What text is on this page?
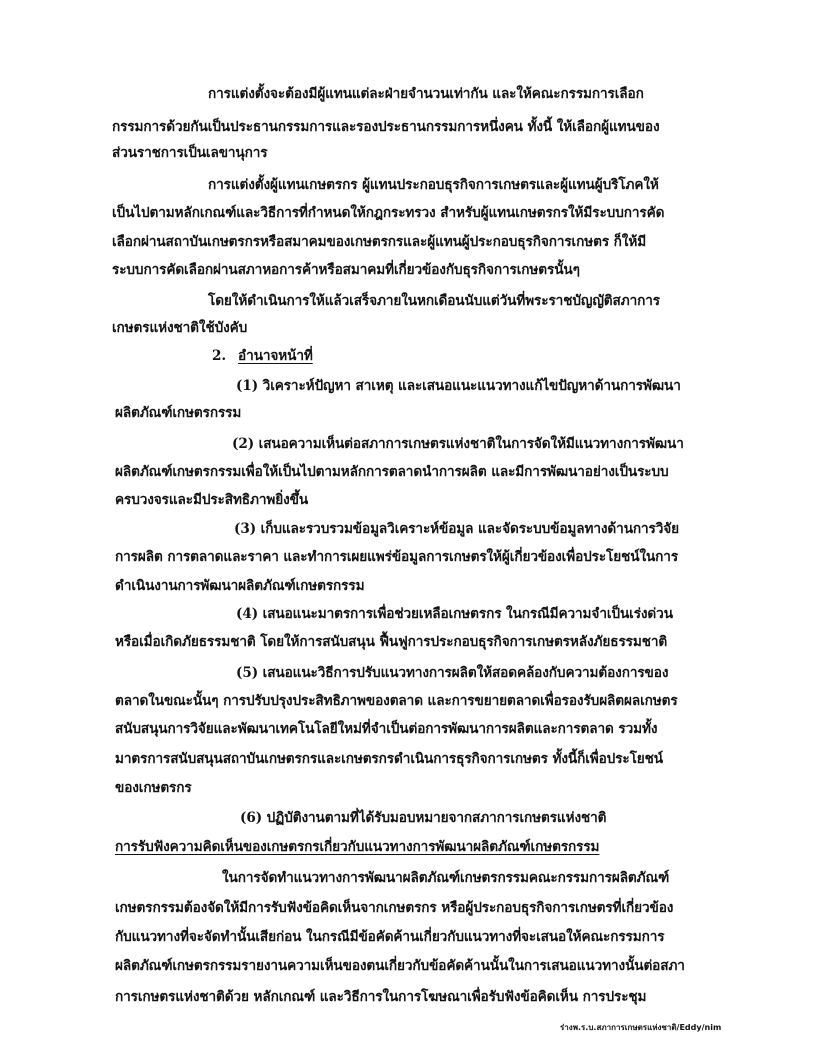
การแต่งตั้งจะต้องมีผู้แทนแต่ละฝ่ายจำนวนเท่ากัน และให้คณะกรรมการเลือก
กรรมการด้วยกันเป็นประธานกรรมการและรองประธานกรรมการหนึ่งคน ทั้งนี้ ให้เลือกผู้แทนของ
ส่วนราชการเป็นเลขานุการ
การแต่งตั้งผู้แทนเกษตรกร ผู้แทนประกอบธุรกิจการเกษตรและผู้แทนผู้บริโภคให้
เป็นไปตามหลักเกณฑ์และวิธีการที่กำหนดให้กฎกระทรวง สำหรับผู้แทนเกษตรกรให้มีระบบการคัด
เลือกผ่านสถาบันเกษตรกรหรือสมาคมของเกษตรกรและผู้แทนผู้ประกอบธุรกิจการเกษตร ก็ให้มี
ระบบการคัดเลือกผ่านสภาหอการค้าหรือสมาคมที่เกี่ยวข้องกับธุรกิจการเกษตรนั้นๆ
โดยให้ดำเนินการให้แล้วเสร็จภายในหกเดือนนับแต่วันที่พระราชบัญญัติสภาการ
เกษตรแห่งชาติใช้บังคับ
2. อำนาจหน้าที่
(1) วิเคราะห์ปัญหา สาเหตุ และเสนอแนะแนวทางแก้ไขปัญหาด้านการพัฒนา
ผลิตภัณฑ์เกษตรกรรม
(2) เสนอความเห็นต่อสภาการเกษตรแห่งชาติในการจัดให้มีแนวทางการพัฒนา
ผลิตภัณฑ์เกษตรกรรมเพื่อให้เป็นไปตามหลักการตลาดนำการผลิต และมีการพัฒนาอย่างเป็นระบบ
ครบวงจรและมีประสิทธิภาพยิ่งขึ้น
(3) เก็บและรวบรวมข้อมูลวิเคราะห์ข้อมูล และจัดระบบข้อมูลทางด้านการวิจัย
การผลิต การตลาดและราคา และทำการเผยแพร่ข้อมูลการเกษตรให้ผู้เกี่ยวข้องเพื่อประโยชน์ในการ
ดำเนินงานการพัฒนาผลิตภัณฑ์เกษตรกรรม
(4) เสนอแนะมาตรการเพื่อช่วยเหลือเกษตรกร ในกรณีมีความจำเป็นเร่งด่วน
หรือเมื่อเกิดภัยธรรมชาติ โดยให้การสนับสนุน ฟื้นฟูการประกอบธุรกิจการเกษตรหลังภัยธรรมชาติ
(5) เสนอแนะวิธีการปรับแนวทางการผลิตให้สอดคล้องกับความต้องการของ
ตลาดในขณะนั้นๆ การปรับปรุงประสิทธิภาพของตลาด และการขยายตลาดเพื่อรองรับผลิตผลเกษตร
สนับสนุนการวิจัยและพัฒนาเทคโนโลยีใหม่ที่จำเป็นต่อการพัฒนาการผลิตและการตลาด รวมทั้ง
มาตรการสนับสนุนสถาบันเกษตรกรและเกษตรกรดำเนินการธุรกิจการเกษตร ทั้งนี้ก็เพื่อประโยชน์
ของเกษตรกร
(6) ปฏิบัติงานตามที่ได้รับมอบหมายจากสภาการเกษตรแห่งชาติ
การรับฟังความคิดเห็นของเกษตรกรเกี่ยวกับแนวทางการพัฒนาผลิตภัณฑ์เกษตรกรรม
ในการจัดทำแนวทางการพัฒนาผลิตภัณฑ์เกษตรกรรมคณะกรรมการผลิตภัณฑ์
เกษตรกรรมต้องจัดให้มีการรับฟังข้อคิดเห็นจากเกษตรกร หรือผู้ประกอบธุรกิจการเกษตรที่เกี่ยวข้อง
กับแนวทางที่จะจัดทำนั้นเสียก่อน ในกรณีมีข้อคัดค้านเกี่ยวกับแนวทางที่จะเสนอให้คณะกรรมการ
ผลิตภัณฑ์เกษตรกรรมรายงานความเห็นของตนเกี่ยวกับข้อคัดค้านนั้นในการเสนอแนวทางนั้นต่อสภา
การเกษตรแห่งชาติด้วย หลักเกณฑ์ และวิธีการในการโฆษณาเพื่อรับฟังข้อคิดเห็น การประชุม
ร่างพ.ร.บ.สภาการเกษตรแห่งชาติ/Eddy/nim
